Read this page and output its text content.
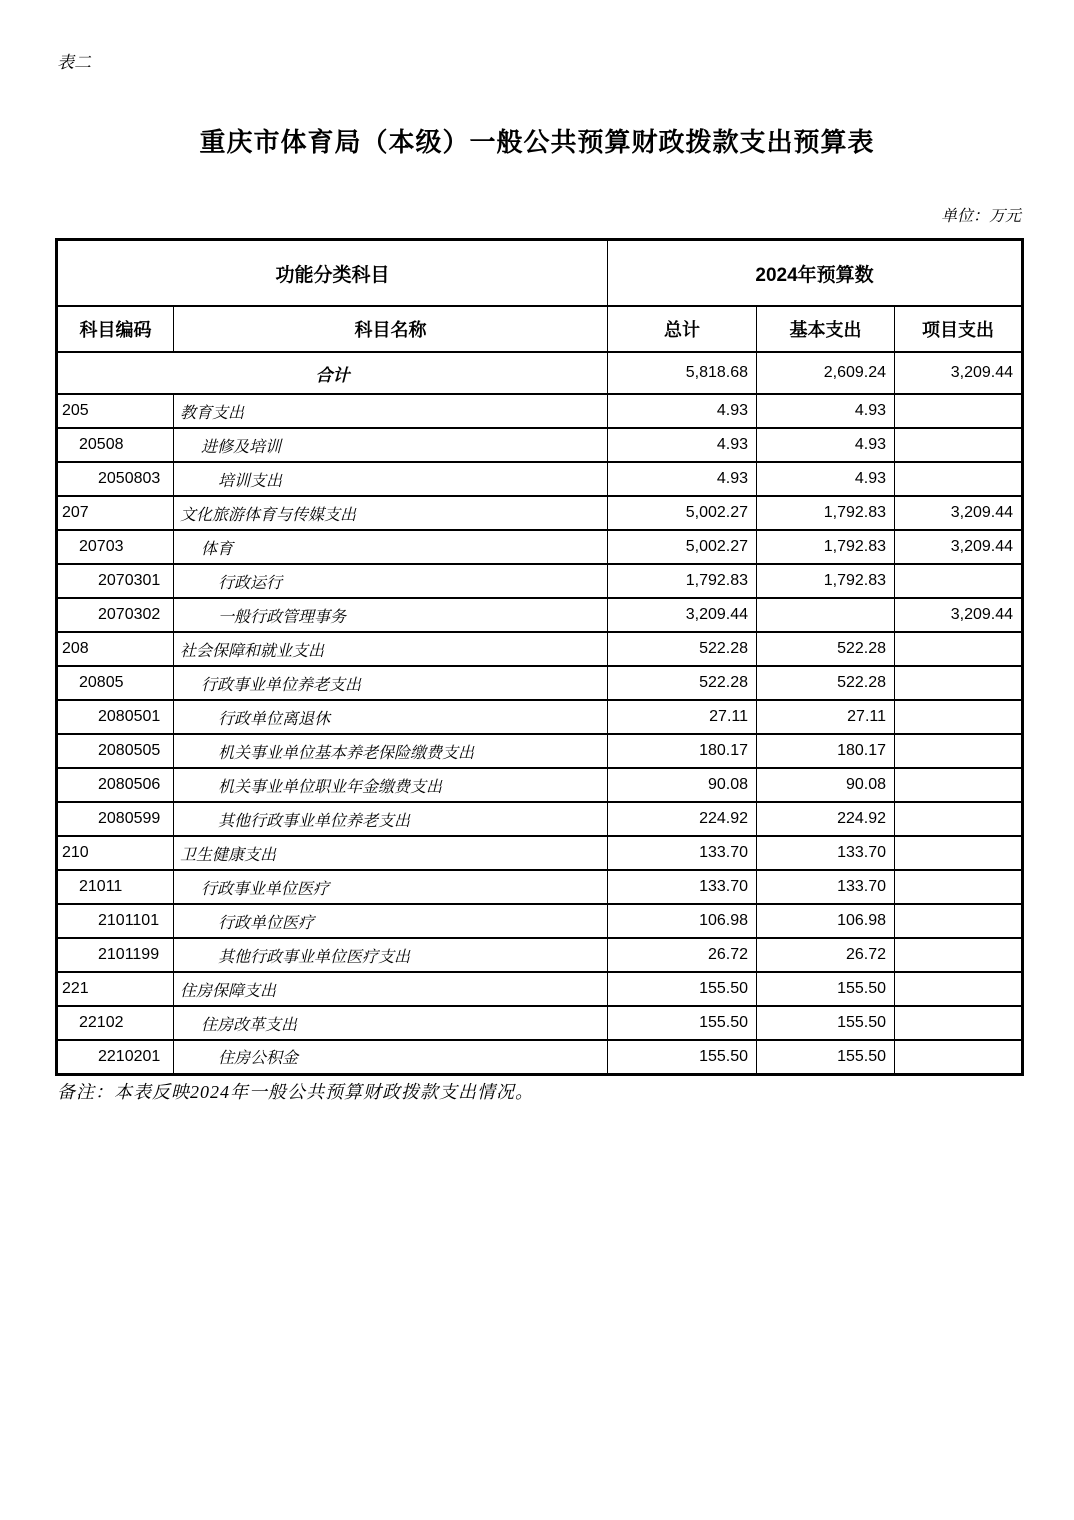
表二
重庆市体育局（本级）一般公共预算财政拨款支出预算表
单位：万元
功能分类科目		2024年预算数		
科目编码	科目名称	总计	基本支出	项目支出
合计		5,818.68	2,609.24	3,209.44
205	教育支出	4.93	4.93	
20508	进修及培训	4.93	4.93	
2050803	培训支出	4.93	4.93	
207	文化旅游体育与传媒支出	5,002.27	1,792.83	3,209.44
20703	体育	5,002.27	1,792.83	3,209.44
2070301	行政运行	1,792.83	1,792.83	
2070302	一般行政管理事务	3,209.44		3,209.44
208	社会保障和就业支出	522.28	522.28	
20805	行政事业单位养老支出	522.28	522.28	
2080501	行政单位离退休	27.11	27.11	
2080505	机关事业单位基本养老保险缴费支出	180.17	180.17	
2080506	机关事业单位职业年金缴费支出	90.08	90.08	
2080599	其他行政事业单位养老支出	224.92	224.92	
210	卫生健康支出	133.70	133.70	
21011	行政事业单位医疗	133.70	133.70	
2101101	行政单位医疗	106.98	106.98	
2101199	其他行政事业单位医疗支出	26.72	26.72	
221	住房保障支出	155.50	155.50	
22102	住房改革支出	155.50	155.50	
2210201	住房公积金	155.50	155.50	
备注：本表反映2024年一般公共预算财政拨款支出情况。
